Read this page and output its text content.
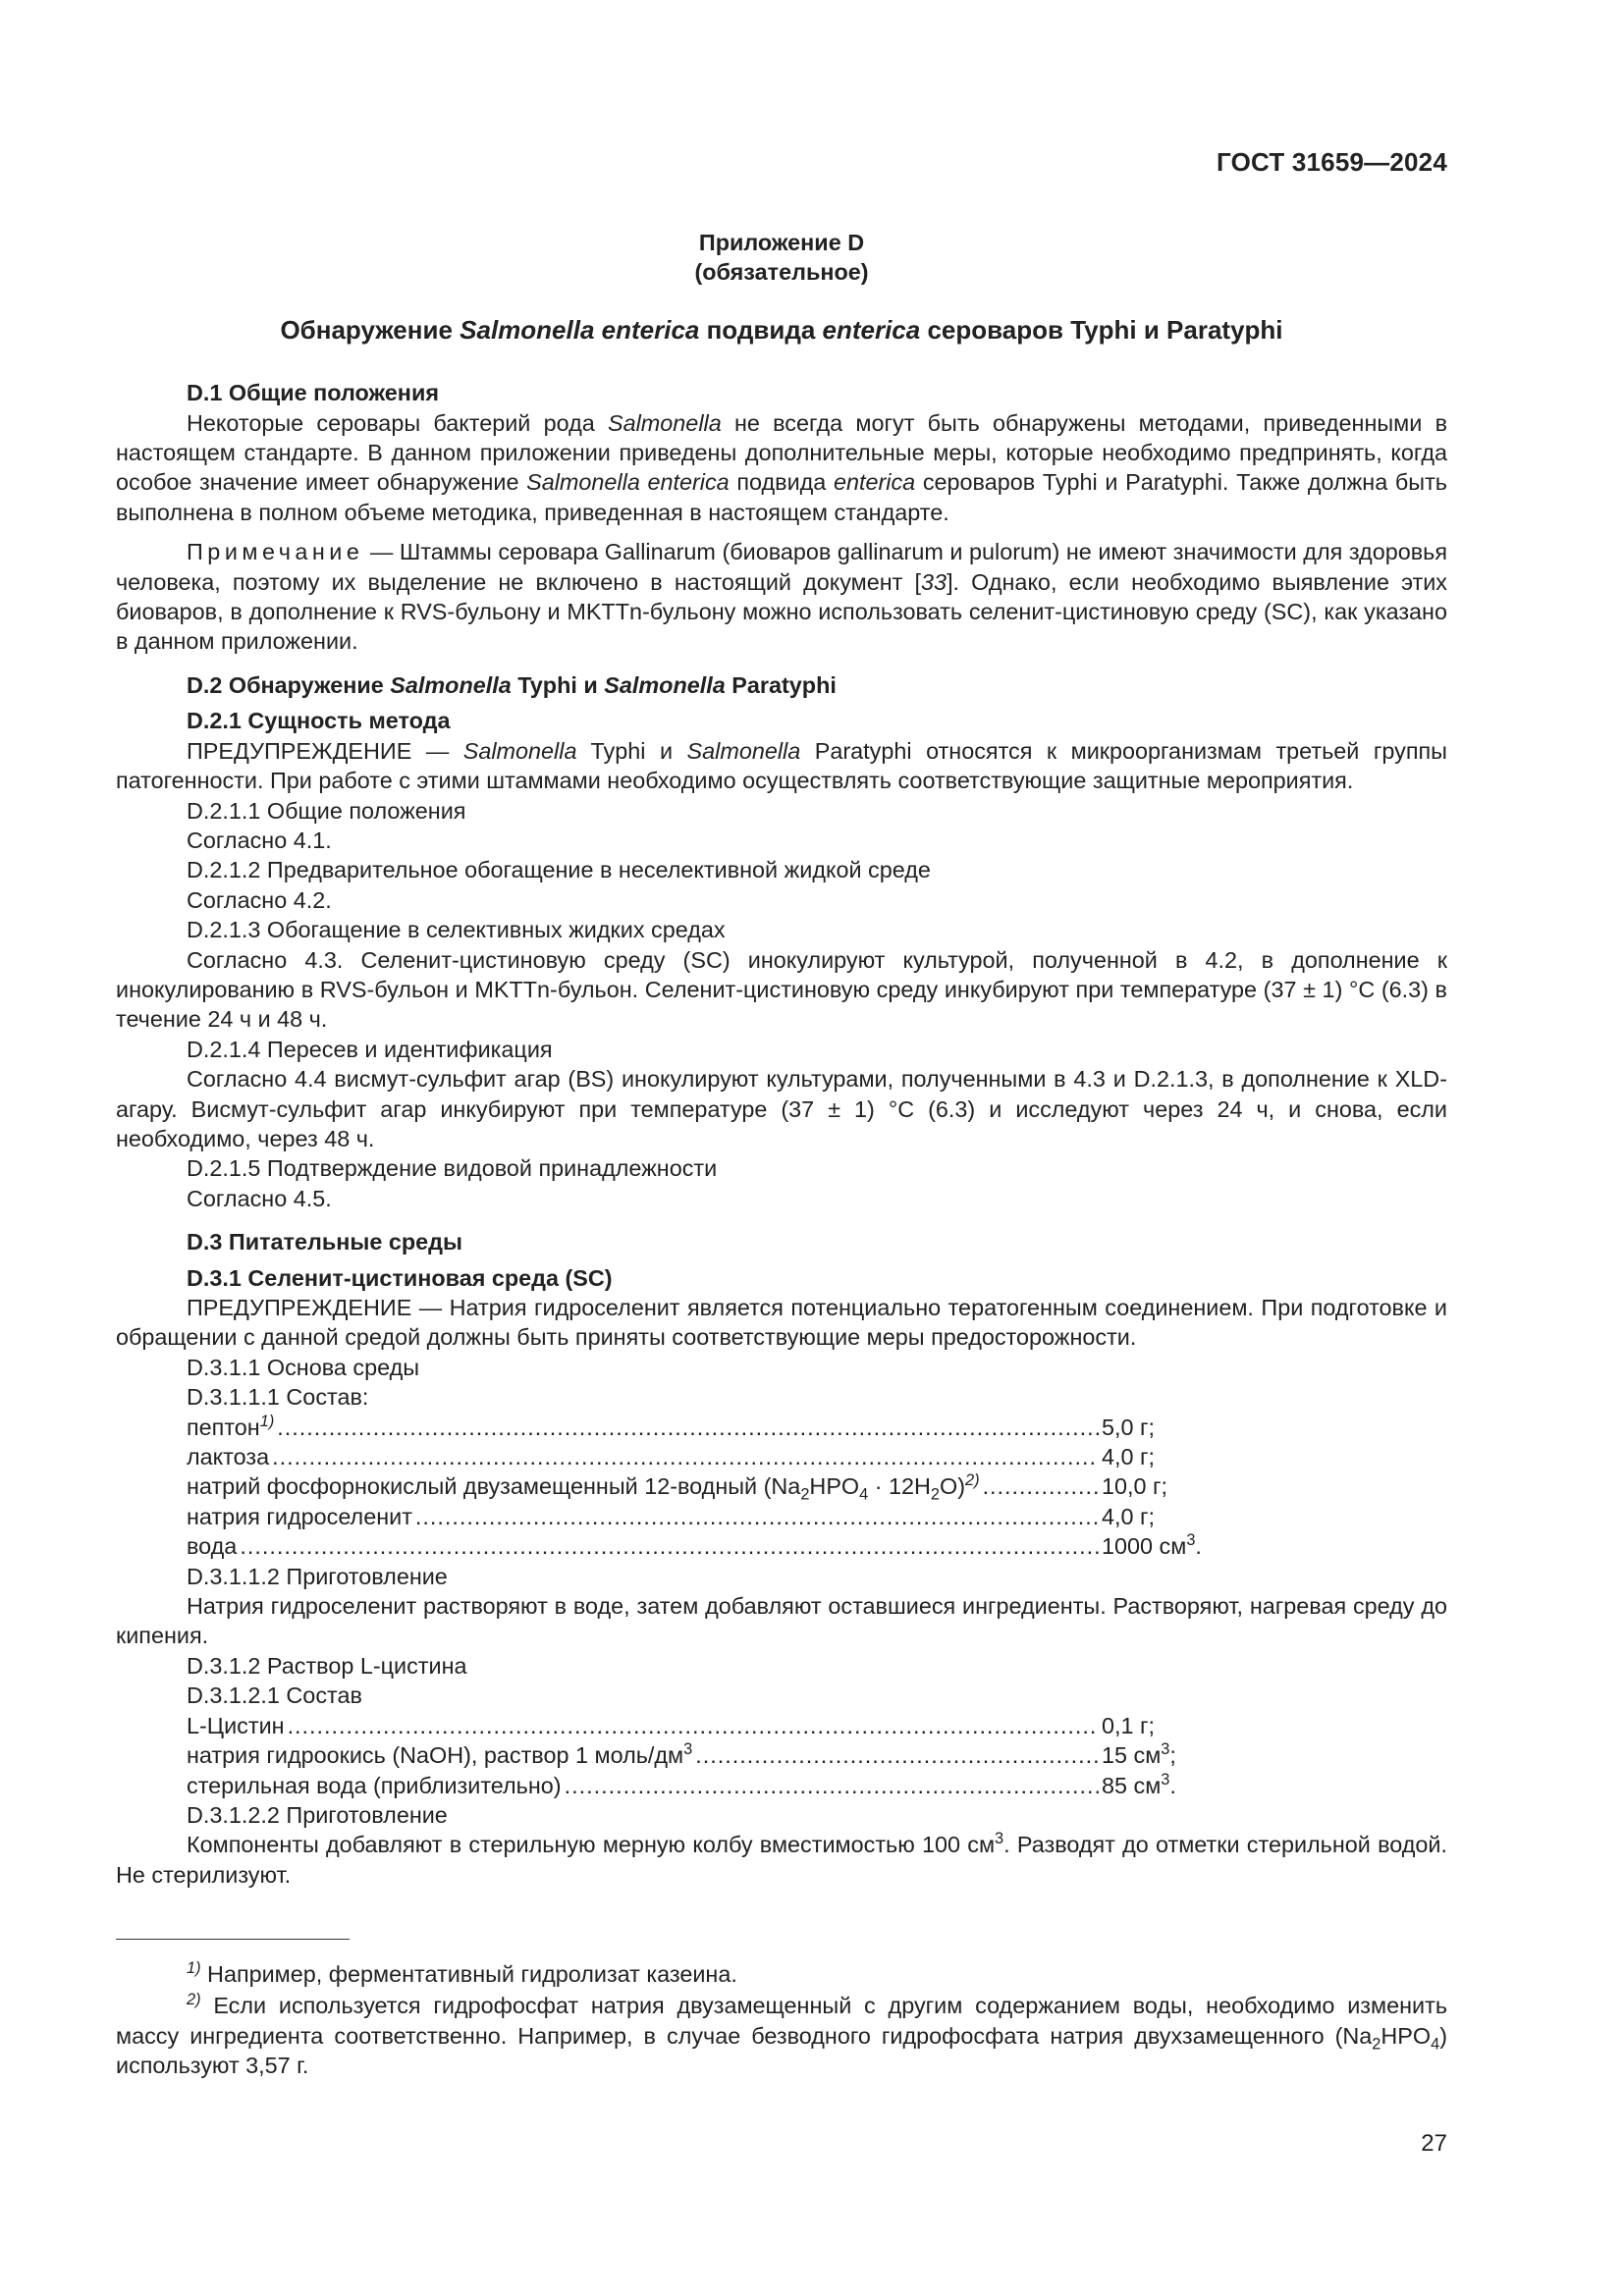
ГОСТ 31659—2024
Приложение D
(обязательное)
Обнаружение Salmonella enterica подвида enterica сероваров Typhi и Paratyphi
D.1 Общие положения

Некоторые серовары бактерий рода Salmonella не всегда могут быть обнаружены методами, приведенными в настоящем стандарте. В данном приложении приведены дополнительные меры, которые необходимо предпринять, когда особое значение имеет обнаружение Salmonella enterica подвида enterica сероваров Typhi и Paratyphi. Также должна быть выполнена в полном объеме методика, приведенная в настоящем стандарте.

Примечание — Штаммы серовара Gallinarum (биоваров gallinarum и pulorum) не имеют значимости для здоровья человека, поэтому их выделение не включено в настоящий документ [33]. Однако, если необходимо выявление этих биоваров, в дополнение к RVS-бульону и MKTTn-бульону можно использовать селенит-цистиновую среду (SC), как указано в данном приложении.

D.2 Обнаружение Salmonella Typhi и Salmonella Paratyphi
D.2.1 Сущность метода

ПРЕДУПРЕЖДЕНИЕ — Salmonella Typhi и Salmonella Paratyphi относятся к микроорганизмам третьей группы патогенности. При работе с этими штаммами необходимо осуществлять соответствующие защитные мероприятия.

D.2.1.1 Общие положения
Согласно 4.1.
D.2.1.2 Предварительное обогащение в неселективной жидкой среде
Согласно 4.2.
D.2.1.3 Обогащение в селективных жидких средах

Согласно 4.3. Селенит-цистиновую среду (SC) инокулируют культурой, полученной в 4.2, в дополнение к инокулированию в RVS-бульон и MKTTn-бульон. Селенит-цистиновую среду инкубируют при температуре (37 ± 1) °C (6.3) в течение 24 ч и 48 ч.

D.2.1.4 Пересев и идентификация

Согласно 4.4 висмут-сульфит агар (BS) инокулируют культурами, полученными в 4.3 и D.2.1.3, в дополнение к XLD-агару. Висмут-сульфит агар инкубируют при температуре (37 ± 1) °C (6.3) и исследуют через 24 ч, и снова, если необходимо, через 48 ч.

D.2.1.5 Подтверждение видовой принадлежности
Согласно 4.5.
D.3 Питательные среды
D.3.1 Селенит-цистиновая среда (SC)

ПРЕДУПРЕЖДЕНИЕ — Натрия гидроселенит является потенциально тератогенным соединением. При подготовке и обращении с данной средой должны быть приняты соответствующие меры предосторожности.

D.3.1.1 Основа среды
D.3.1.1.1 Состав:
пептон$^{1)}$ .....	5,0 г;
лактоза .....	4,0 г;
натрий фосфорнокислый двузамещенный 12-водный $(Na_2HPO_4 \cdot 12H_2O)^{2)}$ .....	10,0 г;
натрия гидроселенит .....	4,0 г;
вода .....	1000 $см^3$.
D.3.1.1.2 Приготовление

Натрия гидроселенит растворяют в воде, затем добавляют оставшиеся ингредиенты. Растворяют, нагревая среду до кипения.

D.3.1.2 Раствор L-цистина
D.3.1.2.1 Состав
L-Цистин .....	0,1 г;
натрия гидроокись (NaOH), раствор 1 моль/$дм^3$ .....	15 $см^3$;
стерильная вода (приблизительно) .....	85 $см^3$.
D.3.1.2.2 Приготовление

Компоненты добавляют в стерильную мерную колбу вместимостью 100 $см^3$. Разводят до отметки стерильной водой. Не стерилизуют.

$^{1)}$ Например, ферментативный гидролизат казеина.

$^{2)}$ Если используется гидрофосфат натрия двузамещенный с другим содержанием воды, необходимо изменить массу ингредиента соответственно. Например, в случае безводного гидрофосфата натрия двухзамещенного $(Na_2HPO_4)$ используют 3,57 г.

27
